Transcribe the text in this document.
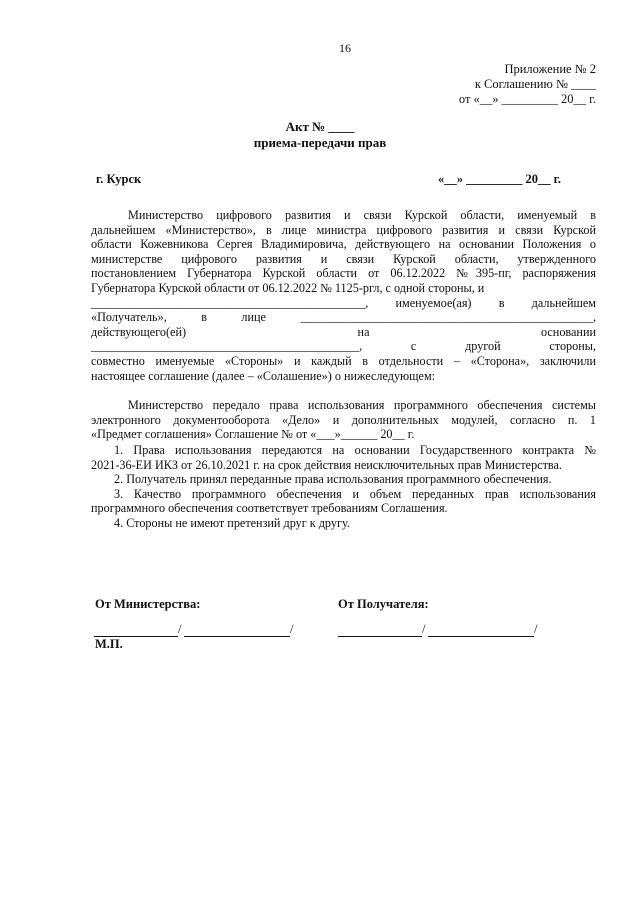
16
Приложение № 2
к Соглашению № ____
от «__» _________ 20__ г.
Акт № ____
приема-передачи прав
г. Курск	«__» _________ 20__ г.
Министерство цифрового развития и связи Курской области, именуемый в
дальнейшем «Министерство», в лице министра цифрового развития и связи Курской
области Кожевникова Сергея Владимировича, действующего на основании Положения о
министерстве цифрового развития и связи Курской области, утвержденного
постановлением Губернатора Курской области от 06.12.2022 №395-пг, распоряжения
Губернатора Курской области от 06.12.2022 № 1125-ргл, с одной стороны, и
_____________________________________________, именуемое(ая) в дальнейшем
«Получатель», в лице ________________________________________________,
действующего(ей) на основании
____________________________________________, с другой стороны,
совместно именуемые «Стороны» и каждый в отдельности – «Сторона», заключили
настоящее соглашение (далее – «Солашение») о нижеследующем:
Министерство передало права использования программного обеспечения системы
электронного документооборота «Дело» и дополнительных модулей, согласно п. 1
«Предмет соглашения» Соглашение № от «___»______ 20__ г.
1. Права использования передаются на основании Государственного контракта №
2021-36-ЕИ ИКЗ от 26.10.2021 г. на срок действия неисключительных прав Министерства.
2. Получатель принял переданные права использования программного обеспечения.
3. Качество программного обеспечения и объем переданных прав использования
программного обеспечения соответствует требованиям Соглашения.
4. Стороны не имеют претензий друг к другу.
От Министерства:	От Получателя:
/	/	/	/
М.П.
